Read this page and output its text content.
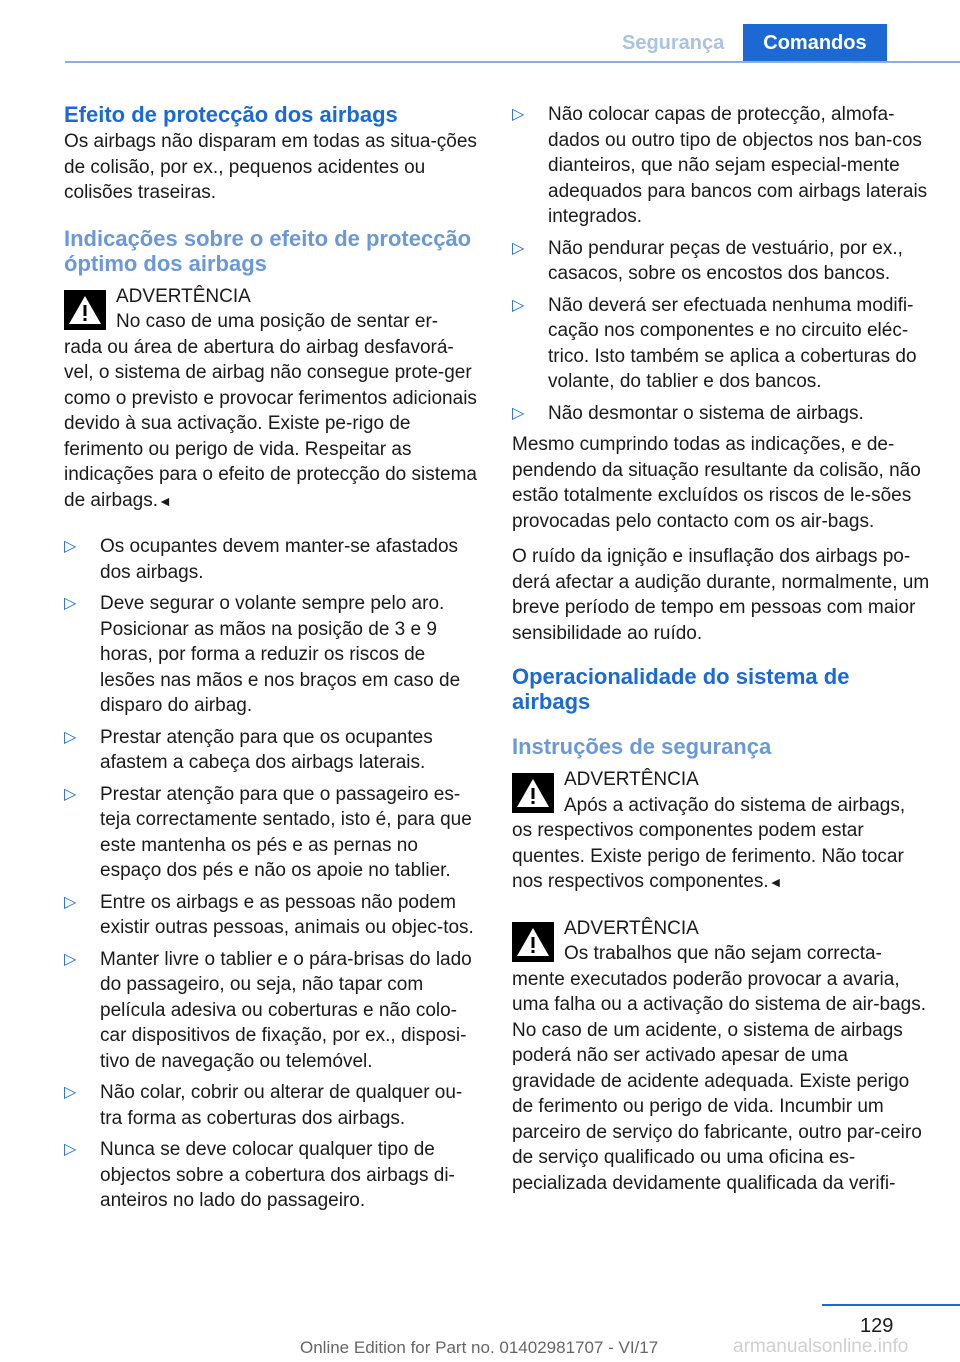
Segurança	Comandos
Efeito de protecção dos airbags

Os airbags não disparam em todas as situa-ções de colisão, por ex., pequenos acidentes ou colisões traseiras.

Indicações sobre o efeito de protecção óptimo dos airbags
ADVERTÊNCIA
No caso de uma posição de sentar er-
rada ou área de abertura do airbag desfavorá-vel, o sistema de airbag não consegue prote-ger como o previsto e provocar ferimentos adicionais devido à sua activação. Existe pe-rigo de ferimento ou perigo de vida. Respeitar as indicações para o efeito de protecção do sistema de airbags.◄
▷	Os ocupantes devem manter-se afastados dos airbags.
▷	Deve segurar o volante sempre pelo aro. Posicionar as mãos na posição de 3 e 9 horas, por forma a reduzir os riscos de lesões nas mãos e nos braços em caso de disparo do airbag.
▷	Prestar atenção para que os ocupantes afastem a cabeça dos airbags laterais.
▷	Prestar atenção para que o passageiro es-teja correctamente sentado, isto é, para que este mantenha os pés e as pernas no espaço dos pés e não os apoie no tablier.
▷	Entre os airbags e as pessoas não podem existir outras pessoas, animais ou objec-tos.
▷	Manter livre o tablier e o pára-brisas do lado do passageiro, ou seja, não tapar com película adesiva ou coberturas e não colo-car dispositivos de fixação, por ex., disposi-tivo de navegação ou telemóvel.
▷	Não colar, cobrir ou alterar de qualquer ou-tra forma as coberturas dos airbags.
▷	Nunca se deve colocar qualquer tipo de objectos sobre a cobertura dos airbags di-anteiros no lado do passageiro.
▷	Não colocar capas de protecção, almofa-dados ou outro tipo de objectos nos ban-cos dianteiros, que não sejam especial-mente adequados para bancos com airbags laterais integrados.
▷	Não pendurar peças de vestuário, por ex., casacos, sobre os encostos dos bancos.
▷	Não deverá ser efectuada nenhuma modifi-cação nos componentes e no circuito eléc-trico. Isto também se aplica a coberturas do volante, do tablier e dos bancos.
▷	Não desmontar o sistema de airbags.

Mesmo cumprindo todas as indicações, e de-pendendo da situação resultante da colisão, não estão totalmente excluídos os riscos de le-sões provocadas pelo contacto com os air-bags.

O ruído da ignição e insuflação dos airbags po-derá afectar a audição durante, normalmente, um breve período de tempo em pessoas com maior sensibilidade ao ruído.

Operacionalidade do sistema de airbags
Instruções de segurança
ADVERTÊNCIA
Após a activação do sistema de airbags,
os respectivos componentes podem estar quentes. Existe perigo de ferimento. Não tocar nos respectivos componentes.◄
ADVERTÊNCIA
Os trabalhos que não sejam correcta-
mente executados poderão provocar a avaria, uma falha ou a activação do sistema de air-bags. No caso de um acidente, o sistema de airbags poderá não ser activado apesar de uma gravidade de acidente adequada. Existe perigo de ferimento ou perigo de vida. Incumbir um parceiro de serviço do fabricante, outro par-ceiro de serviço qualificado ou uma oficina es-pecializada devidamente qualificada da verifi-
129
Online Edition for Part no. 01402981707 - VI/17	armanualsonline.info
